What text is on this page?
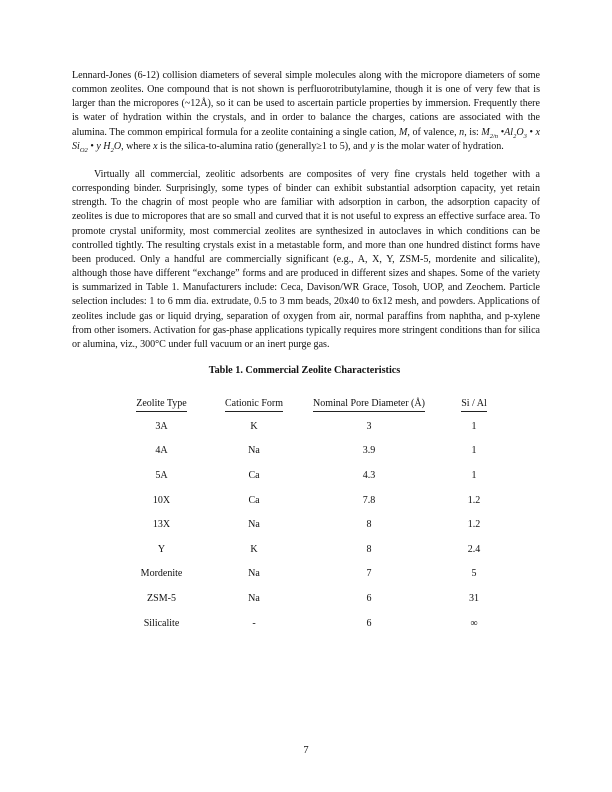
Lennard-Jones (6-12) collision diameters of several simple molecules along with the micropore diameters of some common zeolites. One compound that is not shown is perfluorotributylamine, though it is one of very few that is larger than the micropores (~12Å), so it can be used to ascertain particle properties by immersion. Frequently there is water of hydration within the crystals, and in order to balance the charges, cations are associated with the alumina. The common empirical formula for a zeolite containing a single cation, M, of valence, n, is: $M_{2/n}$ $•Al_2O_3$ • x $Si_{O2}$ • y $H_2O$, where x is the silica-to-alumina ratio (generally≥1 to 5), and y is the molar water of hydration.

Virtually all commercial, zeolitic adsorbents are composites of very fine crystals held together with a corresponding binder. Surprisingly, some types of binder can exhibit substantial adsorption capacity, yet retain strength. To the chagrin of most people who are familiar with adsorption in carbon, the adsorption capacity of zeolites is due to micropores that are so small and curved that it is not useful to express an effective surface area. To promote crystal uniformity, most commercial zeolites are synthesized in autoclaves in which conditions can be controlled tightly. The resulting crystals exist in a metastable form, and more than one hundred distinct forms have been produced. Only a handful are commercially significant (e.g., A, X, Y, ZSM-5, mordenite and silicalite), although those have different “exchange” forms and are produced in different sizes and shapes. Some of the variety is summarized in Table 1. Manufacturers include: Ceca, Davison/WR Grace, Tosoh, UOP, and Zeochem. Particle selection includes: 1 to 6 mm dia. extrudate, 0.5 to 3 mm beads, 20x40 to 6x12 mesh, and powders. Applications of zeolites include gas or liquid drying, separation of oxygen from air, normal paraffins from naphtha, and p-xylene from other isomers. Activation for gas-phase applications typically requires more stringent conditions than for silica or alumina, viz., 300°C under full vacuum or an inert purge gas.

Table 1. Commercial Zeolite Characteristics
Zeolite Type	Cationic Form	Nominal Pore Diameter (Å)	Si / Al
3A	K	3	1
4A	Na	3.9	1
5A	Ca	4.3	1
10X	Ca	7.8	1.2
13X	Na	8	1.2
Y	K	8	2.4
Mordenite	Na	7	5
ZSM-5	Na	6	31
Silicalite	-	6	∞
7
